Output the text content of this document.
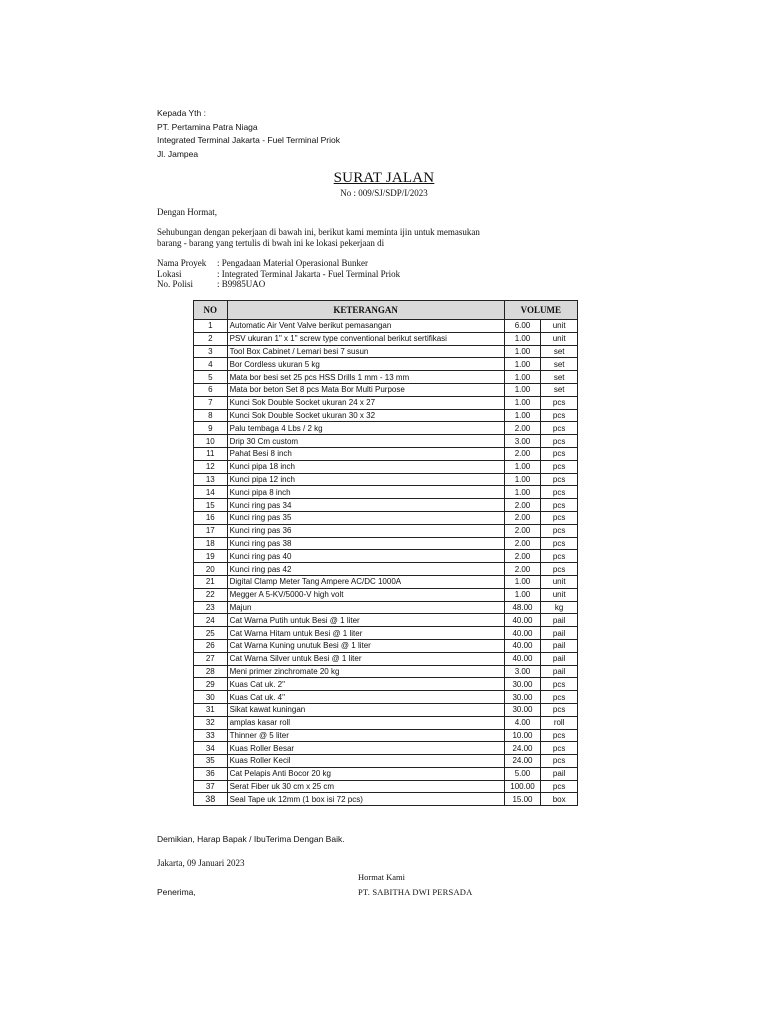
Kepada Yth :
PT. Pertamina Patra Niaga
Integrated Terminal Jakarta - Fuel Terminal Priok
Jl. Jampea
SURAT JALAN
No : 009/SJ/SDP/I/2023
Dengan Hormat,
Sehubungan dengan pekerjaan di bawah ini, berikut kami meminta ijin untuk memasukan
barang - barang yang tertulis di bwah ini ke lokasi pekerjaan di
Nama Proyek	: Pengadaan Material Operasional Bunker
Lokasi	: Integrated Terminal Jakarta - Fuel Terminal Priok
No. Polisi	: B9985UAO
NO	KETERANGAN	VOLUME	
1	Automatic Air Vent Valve berikut pemasangan	6.00	unit
2	PSV ukuran 1" x 1" screw type conventional berikut sertifikasi	1.00	unit
3	Tool Box Cabinet / Lemari besi 7 susun	1.00	set
4	Bor Cordless ukuran 5 kg	1.00	set
5	Mata bor besi set 25 pcs HSS Drills 1 mm - 13 mm	1.00	set
6	Mata bor beton Set 8 pcs Mata Bor Multi Purpose	1.00	set
7	Kunci Sok Double Socket ukuran 24 x 27	1.00	pcs
8	Kunci Sok Double Socket ukuran 30 x 32	1.00	pcs
9	Palu tembaga 4 Lbs / 2 kg	2.00	pcs
10	Drip 30 Cm custom	3.00	pcs
11	Pahat Besi 8 inch	2.00	pcs
12	Kunci pipa 18 inch	1.00	pcs
13	Kunci pipa 12 inch	1.00	pcs
14	Kunci pipa 8 inch	1.00	pcs
15	Kunci ring pas 34	2.00	pcs
16	Kunci ring pas 35	2.00	pcs
17	Kunci ring pas 36	2.00	pcs
18	Kunci ring pas 38	2.00	pcs
19	Kunci ring pas 40	2.00	pcs
20	Kunci ring pas 42	2.00	pcs
21	Digital Clamp Meter Tang Ampere AC/DC 1000A	1.00	unit
22	Megger A 5-KV/5000-V high volt	1.00	unit
23	Majun	48.00	kg
24	Cat Warna Putih untuk Besi @ 1 liter	40.00	pail
25	Cat Warna Hitam untuk Besi @ 1 liter	40.00	pail
26	Cat Warna Kuning unutuk Besi @ 1 liter	40.00	pail
27	Cat Warna Silver untuk Besi @ 1 liter	40.00	pail
28	Meni primer zinchromate 20 kg	3.00	pail
29	Kuas Cat uk. 2"	30.00	pcs
30	Kuas Cat uk. 4"	30.00	pcs
31	Sikat kawat kuningan	30.00	pcs
32	amplas kasar roll	4.00	roll
33	Thinner @ 5 liter	10.00	pcs
34	Kuas Roller Besar	24.00	pcs
35	Kuas Roller Kecil	24.00	pcs
36	Cat Pelapis Anti Bocor 20 kg	5.00	pail
37	Serat Fiber uk 30 cm x 25 cm	100.00	pcs
38	Seal Tape uk 12mm (1 box isi 72 pcs)	15.00	box
Demikian, Harap Bapak / IbuTerima Dengan Baik.
Jakarta, 09 Januari 2023
Hormat Kami
Penerima,	PT. SABITHA DWI PERSADA
